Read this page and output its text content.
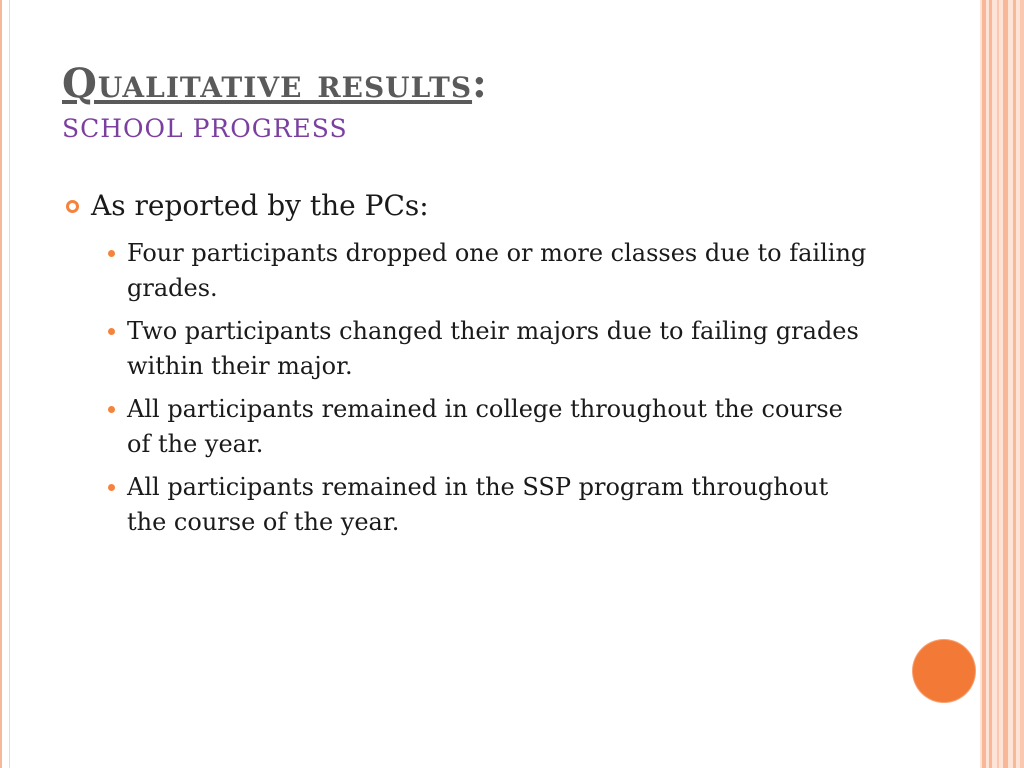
Qualitative results:
SCHOOL PROGRESS
As reported by the PCs:
Four participants dropped one or more classes due to failing grades.
Two participants changed their majors due to failing grades within their major.
All participants remained in college throughout the course of the year.
All participants remained in the SSP program throughout the course of the year.
